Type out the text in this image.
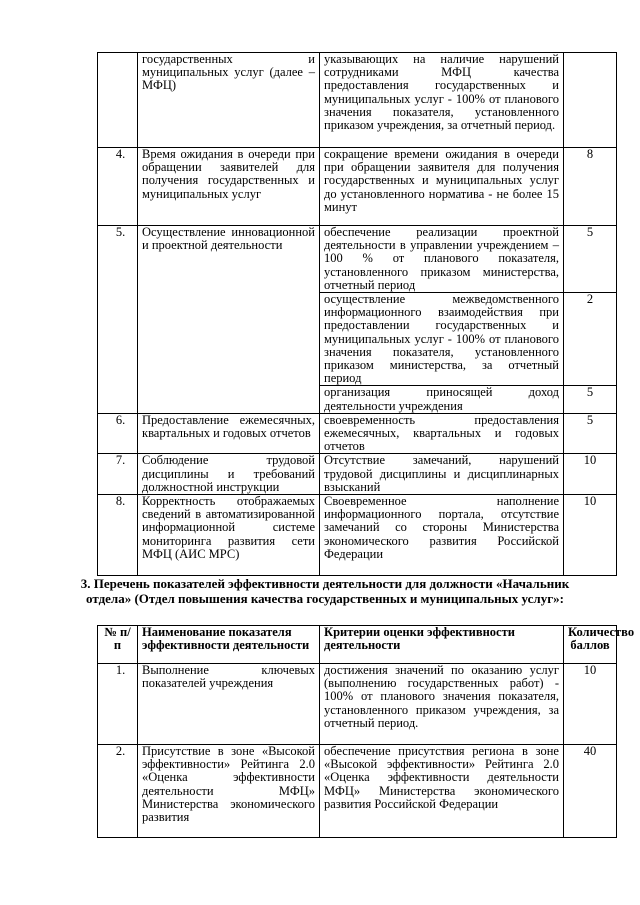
	государственных и муниципальных услуг (далее – МФЦ)	указывающих на наличие нарушений сотрудниками МФЦ качества предоставления государственных и муниципальных услуг - 100% от планового значения показателя, установленного приказом учреждения, за отчетный период.	
4.	Время ожидания в очереди при обращении заявителей для получения государственных и муниципальных услуг	сокращение времени ожидания в очереди при обращении заявителя для получения государственных и муниципальных услуг до установленного норматива - не более 15 минут	8
5.	Осуществление инновационной и проектной деятельности	обеспечение реализации проектной деятельности в управлении учреждением – 100 % от планового показателя, установленного приказом министерства, отчетный период	5
		осуществление межведомственного информационного взаимодействия при предоставлении государственных и муниципальных услуг - 100% от планового значения показателя, установленного приказом министерства, за отчетный период	2
		организация приносящей доход деятельности учреждения	5
6.	Предоставление ежемесячных, квартальных и годовых отчетов	своевременность предоставления ежемесячных, квартальных и годовых отчетов	5
7.	Соблюдение трудовой дисциплины и требований должностной инструкции	Отсутствие замечаний, нарушений трудовой дисциплины и дисциплинарных взысканий	10
8.	Корректность отображаемых сведений в автоматизированной информационной системе мониторинга развития сети МФЦ (АИС МРС)	Своевременное наполнение информационного портала, отсутствие замечаний со стороны Министерства экономического развития Российской Федерации	10
3. Перечень показателей эффективности деятельности для должности «Начальник отдела» (Отдел повышения качества государственных и муниципальных услуг»:
№ п/п	Наименование показателя эффективности деятельности	Критерии оценки эффективности деятельности	Количество баллов
1.	Выполнение ключевых показателей учреждения	достижения значений по оказанию услуг (выполнению государственных работ) - 100% от планового значения показателя, установленного приказом учреждения, за отчетный период.	10
2.	Присутствие в зоне «Высокой эффективности» Рейтинга 2.0 «Оценка эффективности деятельности МФЦ» Министерства экономического развития	обеспечение присутствия региона в зоне «Высокой эффективности» Рейтинга 2.0 «Оценка эффективности деятельности МФЦ» Министерства экономического развития Российской Федерации	40
